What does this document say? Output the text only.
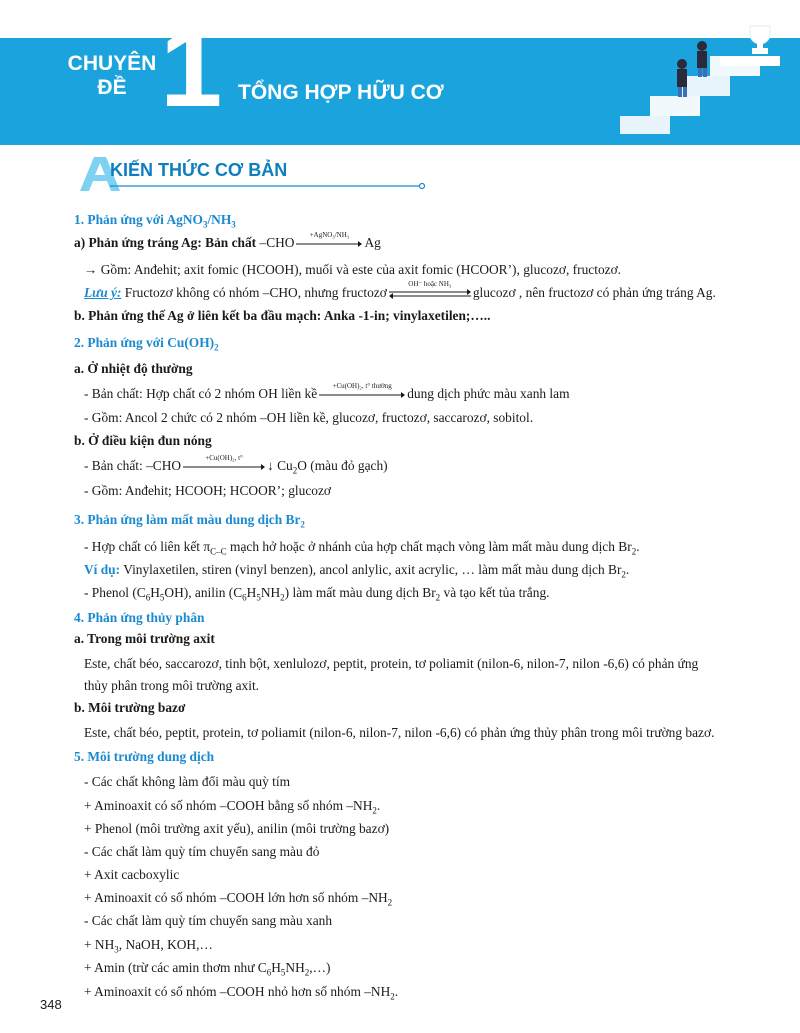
CHUYÊN
ĐỀ 1 TỔNG HỢP HỮU CƠ
KIẾN THỨC CƠ BẢN
1. Phản ứng với $AgNO_3/NH_3$
a) Phản ứng tráng Ag: Bản chất –CHO
+AgNO₃/NH₃
Ag
→ Gồm: Anđehit; axit fomic (HCOOH), muối và este của axit fomic (HCOOR’), glucozơ, fructozơ.
Lưu ý: Fructozơ không có nhóm –CHO, nhưng fructozơ
OH⁻ hoặc NH₃
glucozơ , nên fructozơ có phản ứng tráng Ag.
b. Phản ứng thế Ag ở liên kết ba đầu mạch: Anka -1-in; vinylaxetilen;…..
2. Phản ứng với $Cu(OH)_2$
a. Ở nhiệt độ thường
- Bản chất: Hợp chất có 2 nhóm OH liền kề
+Cu(OH)₂, t° thường
dung dịch phức màu xanh lam
- Gồm: Ancol 2 chức có 2 nhóm –OH liền kề, glucozơ, fructozơ, saccarozơ, sobitol.
b. Ở điều kiện đun nóng
- Bản chất: –CHO
+Cu(OH)₂, t°
↓ $Cu_2O$ (màu đỏ gạch)
- Gồm: Anđehit; HCOOH; HCOOR’; glucozơ
3. Phản ứng làm mất màu dung dịch $Br_2$
- Hợp chất có liên kết $\pi_{C-C}$ mạch hở hoặc ở nhánh của hợp chất mạch vòng làm mất màu dung dịch $Br_2$.
Ví dụ: Vinylaxetilen, stiren (vinyl benzen), ancol anlylic, axit acrylic, … làm mất màu dung dịch $Br_2$.
- Phenol $(C_6H_5OH)$, anilin $(C_6H_5NH_2)$ làm mất màu dung dịch $Br_2$ và tạo kết tủa trắng.
4. Phản ứng thủy phân
a. Trong môi trường axit
Este, chất béo, saccarozơ, tinh bột, xenlulozơ, peptit, protein, tơ poliamit (nilon-6, nilon-7, nilon -6,6) có phản ứng
thủy phân trong môi trường axit.
b. Môi trường bazơ
Este, chất béo, peptit, protein, tơ poliamit (nilon-6, nilon-7, nilon -6,6) có phản ứng thủy phân trong môi trường bazơ.
5. Môi trường dung dịch
- Các chất không làm đổi màu quỳ tím
+ Aminoaxit có số nhóm –COOH bằng số nhóm $-NH_2$.
+ Phenol (môi trường axit yếu), anilin (môi trường bazơ)
- Các chất làm quỳ tím chuyển sang màu đỏ
+ Axit cacboxylic
+ Aminoaxit có số nhóm –COOH lớn hơn số nhóm $-NH_2$
- Các chất làm quỳ tím chuyển sang màu xanh
+ $NH_3$, NaOH, KOH,…
+ Amin (trừ các amin thơm như $C_6H_5NH_2,\dots$)
+ Aminoaxit có số nhóm –COOH nhỏ hơn số nhóm $-NH_2$.
348
